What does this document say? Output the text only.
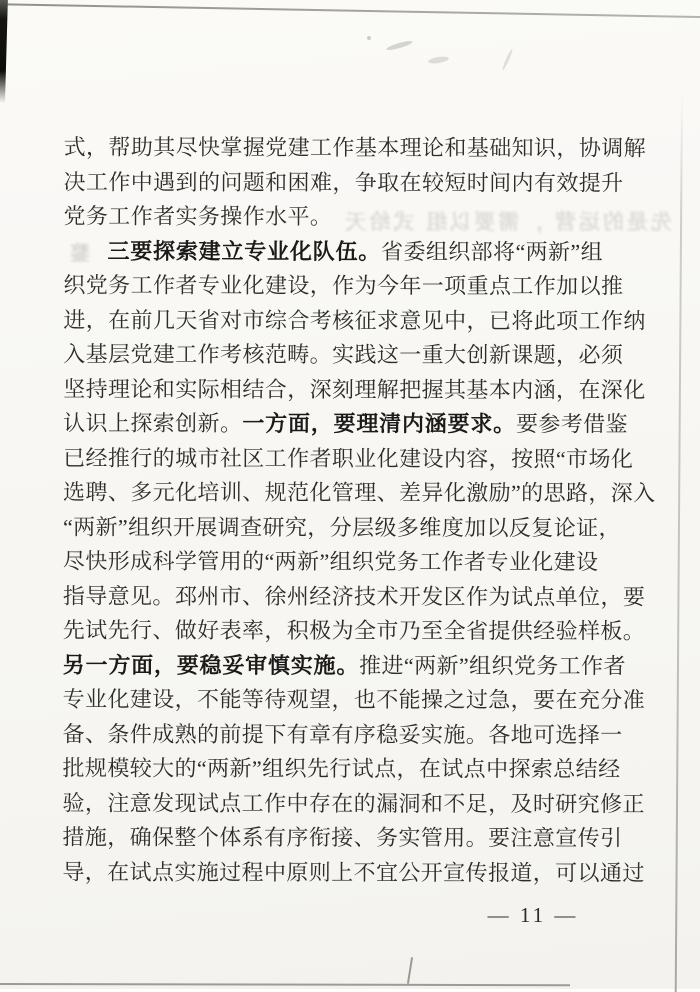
先是的运营 ，需要以组 式给天
鍪
式，帮助其尽快掌握党建工作基本理论和基础知识，协调解
决工作中遇到的问题和困难，争取在较短时间内有效提升
党务工作者实务操作水平。
三要探索建立专业化队伍。省委组织部将“两新”组
织党务工作者专业化建设，作为今年一项重点工作加以推
进，在前几天省对市综合考核征求意见中，已将此项工作纳
入基层党建工作考核范畴。实践这一重大创新课题，必须
坚持理论和实际相结合，深刻理解把握其基本内涵，在深化
认识上探索创新。一方面，要理清内涵要求。要参考借鉴
已经推行的城市社区工作者职业化建设内容，按照“市场化
选聘、多元化培训、规范化管理、差异化激励”的思路，深入
“两新”组织开展调查研究，分层级多维度加以反复论证，
尽快形成科学管用的“两新”组织党务工作者专业化建设
指导意见。邳州市、徐州经济技术开发区作为试点单位，要
先试先行、做好表率，积极为全市乃至全省提供经验样板。
另一方面，要稳妥审慎实施。推进“两新”组织党务工作者
专业化建设，不能等待观望，也不能操之过急，要在充分准
备、条件成熟的前提下有章有序稳妥实施。各地可选择一
批规模较大的“两新”组织先行试点，在试点中探索总结经
验，注意发现试点工作中存在的漏洞和不足，及时研究修正
措施，确保整个体系有序衔接、务实管用。要注意宣传引
导，在试点实施过程中原则上不宜公开宣传报道，可以通过
— 11 —
